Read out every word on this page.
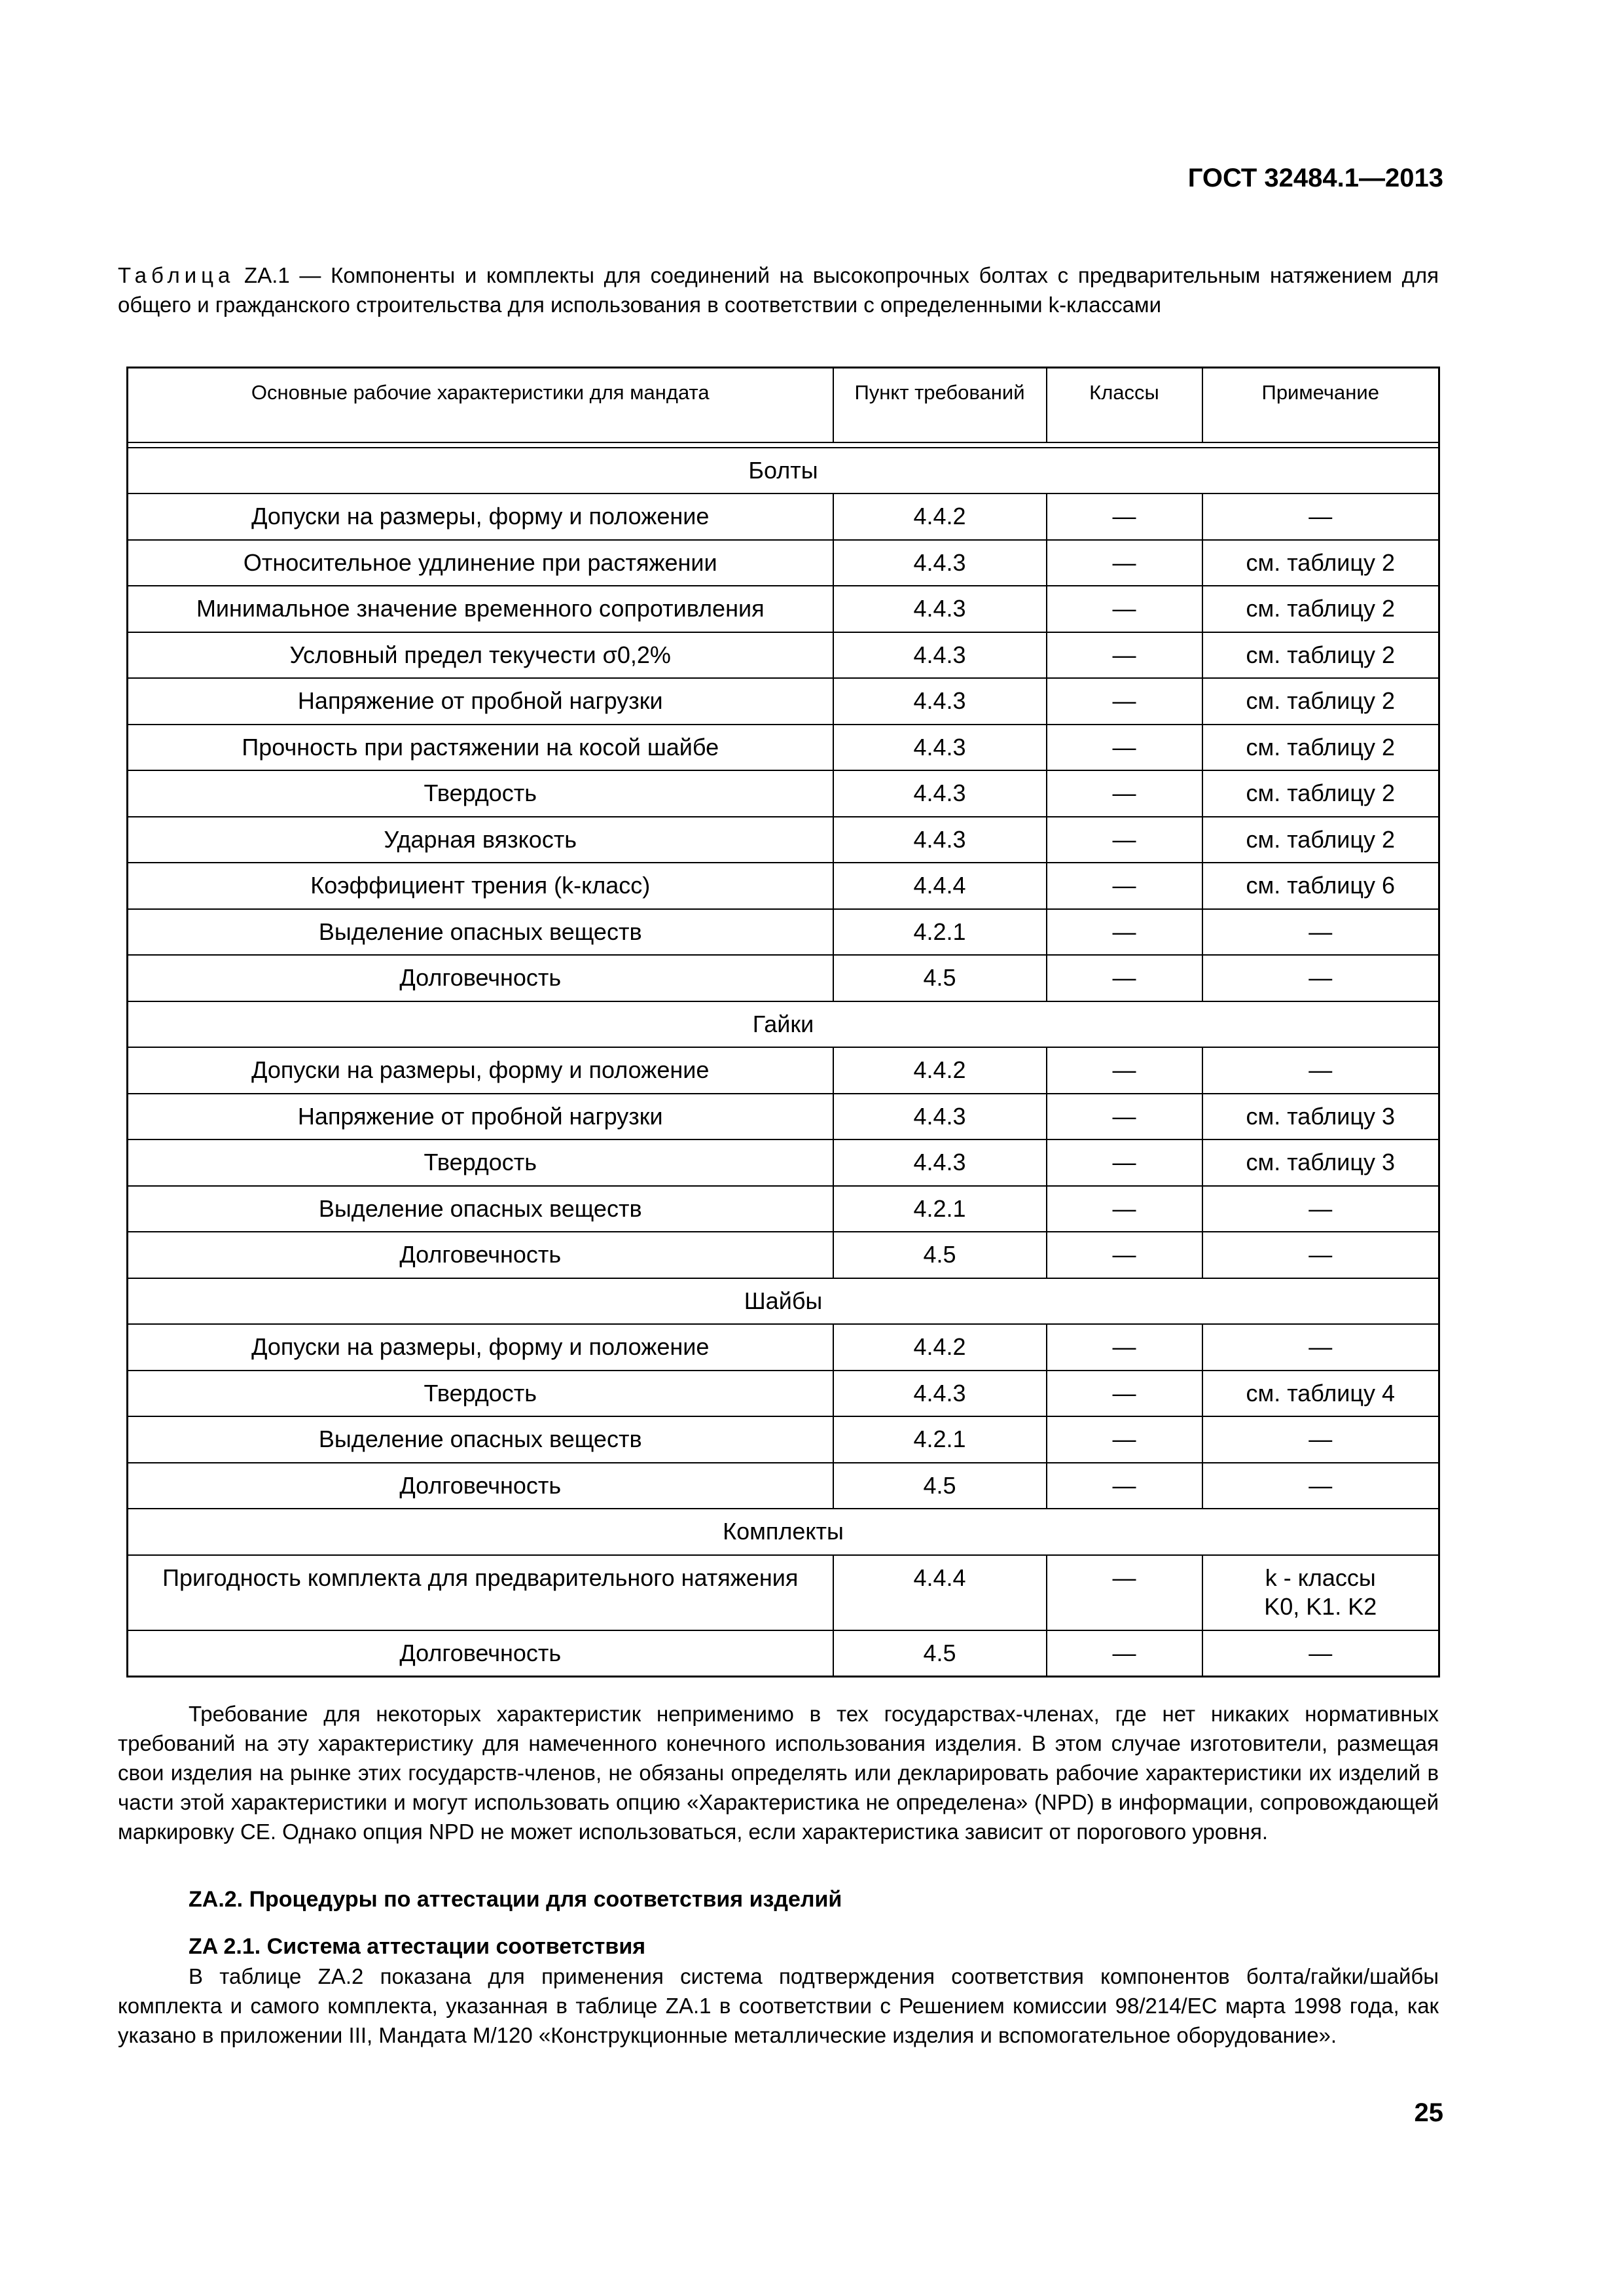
ГОСТ 32484.1—2013

Таблица ZA.1 — Компоненты и комплекты для соединений на высокопрочных болтах с предварительным натяжением для общего и гражданского строительства для использования в соответствии с определенными k-классами

Основные рабочие характеристики для мандата	Пункт требований	Классы	Примечание

Болты			
Допуски на размеры, форму и положение	4.4.2	—	—
Относительное удлинение при растяжении	4.4.3	—	см. таблицу 2
Минимальное значение временного сопротивления	4.4.3	—	см. таблицу 2
Условный предел текучести σ0,2%	4.4.3	—	см. таблицу 2
Напряжение от пробной нагрузки	4.4.3	—	см. таблицу 2
Прочность при растяжении на косой шайбе	4.4.3	—	см. таблицу 2
Твердость	4.4.3	—	см. таблицу 2
Ударная вязкость	4.4.3	—	см. таблицу 2
Коэффициент трения (k-класс)	4.4.4	—	см. таблицу 6
Выделение опасных веществ	4.2.1	—	—
Долговечность	4.5	—	—
Гайки			
Допуски на размеры, форму и положение	4.4.2	—	—
Напряжение от пробной нагрузки	4.4.3	—	см. таблицу 3
Твердость	4.4.3	—	см. таблицу 3
Выделение опасных веществ	4.2.1	—	—
Долговечность	4.5	—	—
Шайбы			
Допуски на размеры, форму и положение	4.4.2	—	—
Твердость	4.4.3	—	см. таблицу 4
Выделение опасных веществ	4.2.1	—	—
Долговечность	4.5	—	—
Комплекты			
Пригодность комплекта для предварительного натяжения	4.4.4	—	k - классы
K0, K1. K2
Долговечность	4.5	—	—

Требование для некоторых характеристик неприменимо в тех государствах-членах, где нет никаких нормативных требований на эту характеристику для намеченного конечного использования изделия. В этом случае изготовители, размещая свои изделия на рынке этих государств-членов, не обязаны определять или декларировать рабочие характеристики их изделий в части этой характеристики и могут использовать опцию «Характеристика не определена» (NPD) в информации, сопровождающей маркировку CE. Однако опция NPD не может использоваться, если характеристика зависит от порогового уровня.

ZA.2. Процедуры по аттестации для соответствия изделий

ZA 2.1. Система аттестации соответствия

В таблице ZA.2 показана для применения система подтверждения соответствия компонентов болта/гайки/шайбы комплекта и самого комплекта, указанная в таблице ZA.1 в соответствии с Решением комиссии 98/214/EC марта 1998 года, как указано в приложении III, Мандата M/120 «Конструкционные металлические изделия и вспомогательное оборудование».

25
